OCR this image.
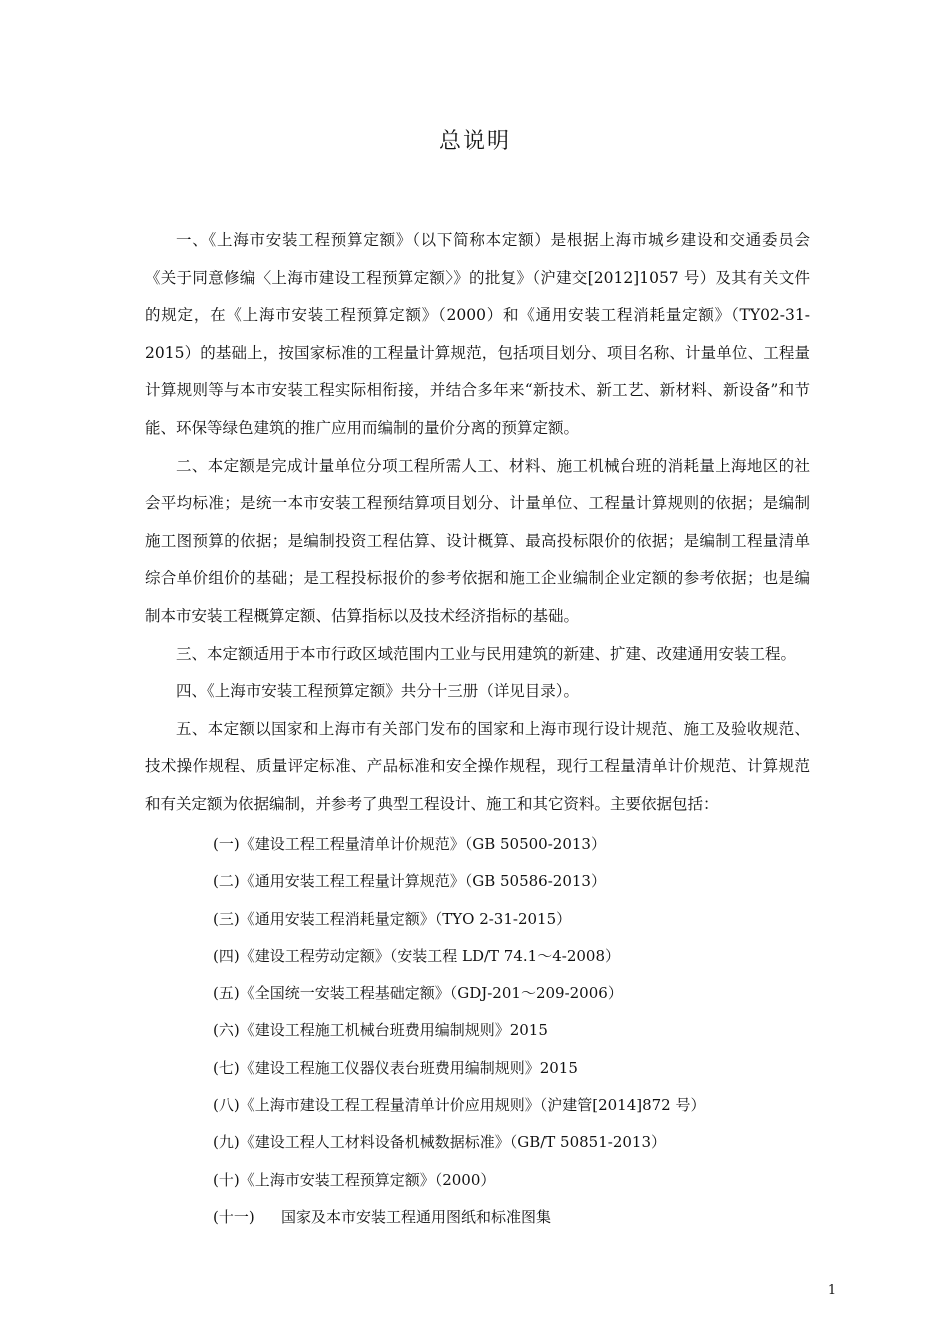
总说明

一、《上海市安装工程预算定额》（以下简称本定额）是根据上海市城乡建设和交通委员会《关于同意修编〈上海市建设工程预算定额〉》的批复》（沪建交[2012]1057 号）及其有关文件的规定，在《上海市安装工程预算定额》（2000）和《通用安装工程消耗量定额》（TY02-31-2015）的基础上，按国家标准的工程量计算规范，包括项目划分、项目名称、计量单位、工程量计算规则等与本市安装工程实际相衔接，并结合多年来“新技术、新工艺、新材料、新设备”和节能、环保等绿色建筑的推广应用而编制的量价分离的预算定额。

二、本定额是完成计量单位分项工程所需人工、材料、施工机械台班的消耗量上海地区的社会平均标准；是统一本市安装工程预结算项目划分、计量单位、工程量计算规则的依据；是编制施工图预算的依据；是编制投资工程估算、设计概算、最高投标限价的依据；是编制工程量清单综合单价组价的基础；是工程投标报价的参考依据和施工企业编制企业定额的参考依据；也是编制本市安装工程概算定额、估算指标以及技术经济指标的基础。

三、本定额适用于本市行政区域范围内工业与民用建筑的新建、扩建、改建通用安装工程。

四、《上海市安装工程预算定额》共分十三册（详见目录）。

五、本定额以国家和上海市有关部门发布的国家和上海市现行设计规范、施工及验收规范、技术操作规程、质量评定标准、产品标准和安全操作规程，现行工程量清单计价规范、计算规范和有关定额为依据编制，并参考了典型工程设计、施工和其它资料。主要依据包括：

(一)《建设工程工程量清单计价规范》（GB 50500-2013）

(二)《通用安装工程工程量计算规范》（GB 50586-2013）

(三)《通用安装工程消耗量定额》（TYO 2-31-2015）

(四)《建设工程劳动定额》（安装工程 LD/T 74.1～4-2008）

(五)《全国统一安装工程基础定额》（GDJ-201～209-2006）

(六)《建设工程施工机械台班费用编制规则》2015

(七)《建设工程施工仪器仪表台班费用编制规则》2015

(八)《上海市建设工程工程量清单计价应用规则》（沪建管[2014]872 号）

(九)《建设工程人工材料设备机械数据标准》（GB/T 50851-2013）

(十)《上海市安装工程预算定额》（2000）

(十一) 国家及本市安装工程通用图纸和标准图集

1
